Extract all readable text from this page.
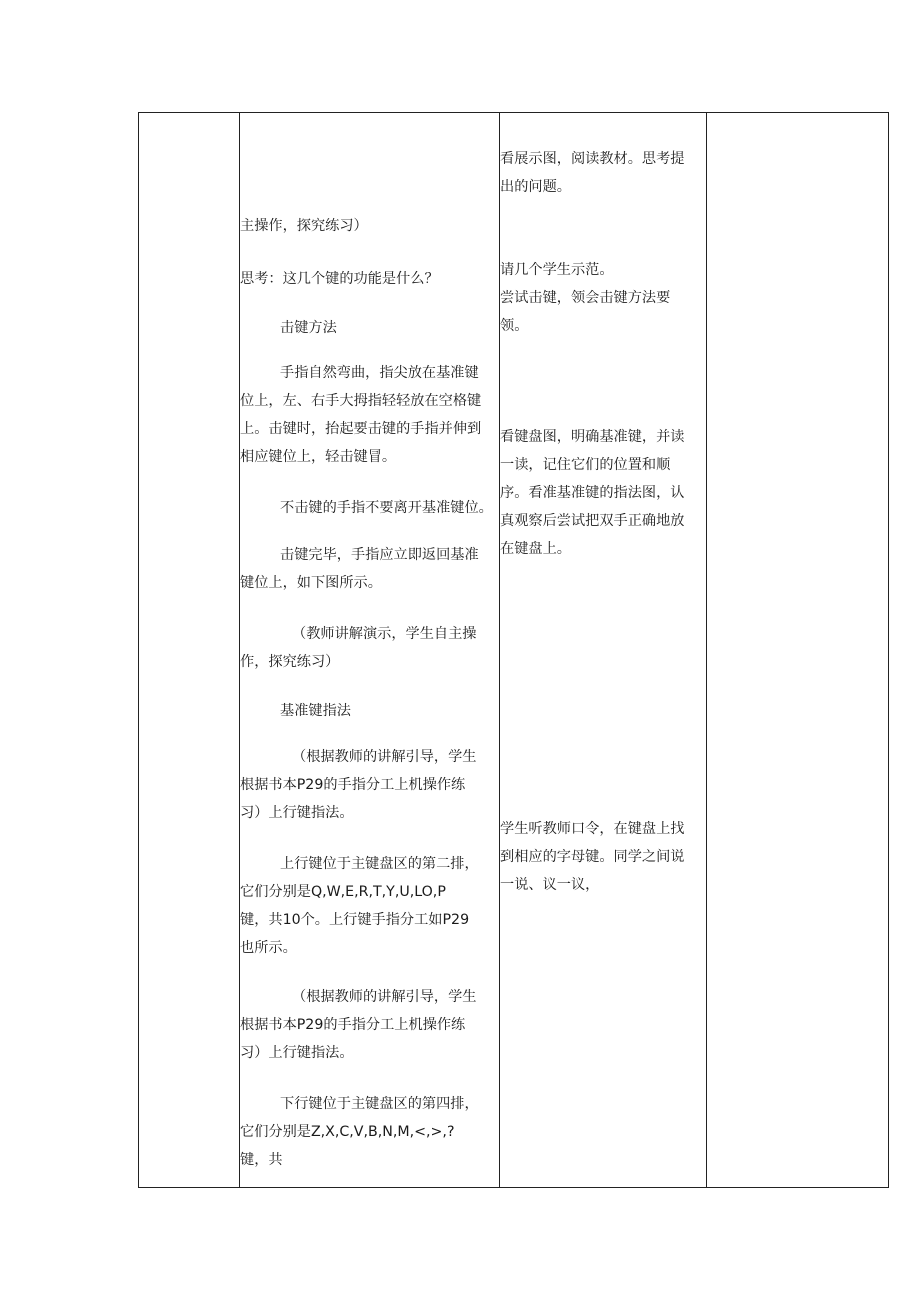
主操作，探究练习）
思考：这几个键的功能是什么？
击键方法
手指自然弯曲，指尖放在基准键
位上，左、右手大拇指轻轻放在空格键
上。击键时，抬起要击键的手指并伸到
相应键位上，轻击键冒。
不击键的手指不要离开基准键位。
击键完毕，手指应立即返回基准
键位上，如下图所示。
（教师讲解演示，学生自主操
作，探究练习）
基准键指法
（根据教师的讲解引导，学生
根据书本P29的手指分工上机操作练
习）上行键指法。
上行键位于主键盘区的第二排，
它们分别是Q,W,E,R,T,Y,U,LO,P
键，共10个。上行键手指分工如P29
也所示。
（根据教师的讲解引导，学生
根据书本P29的手指分工上机操作练
习）上行键指法。
下行键位于主键盘区的第四排，
它们分别是Z,X,C,V,B,N,M,<,>,?
键，共
看展示图，阅读教材。思考提
出的问题。
请几个学生示范。
尝试击键，领会击键方法要
领。
看键盘图，明确基准键，并读
一读，记住它们的位置和顺
序。看准基准键的指法图，认
真观察后尝试把双手正确地放
在键盘上。
学生听教师口令，在键盘上找
到相应的字母键。同学之间说
一说、议一议，
